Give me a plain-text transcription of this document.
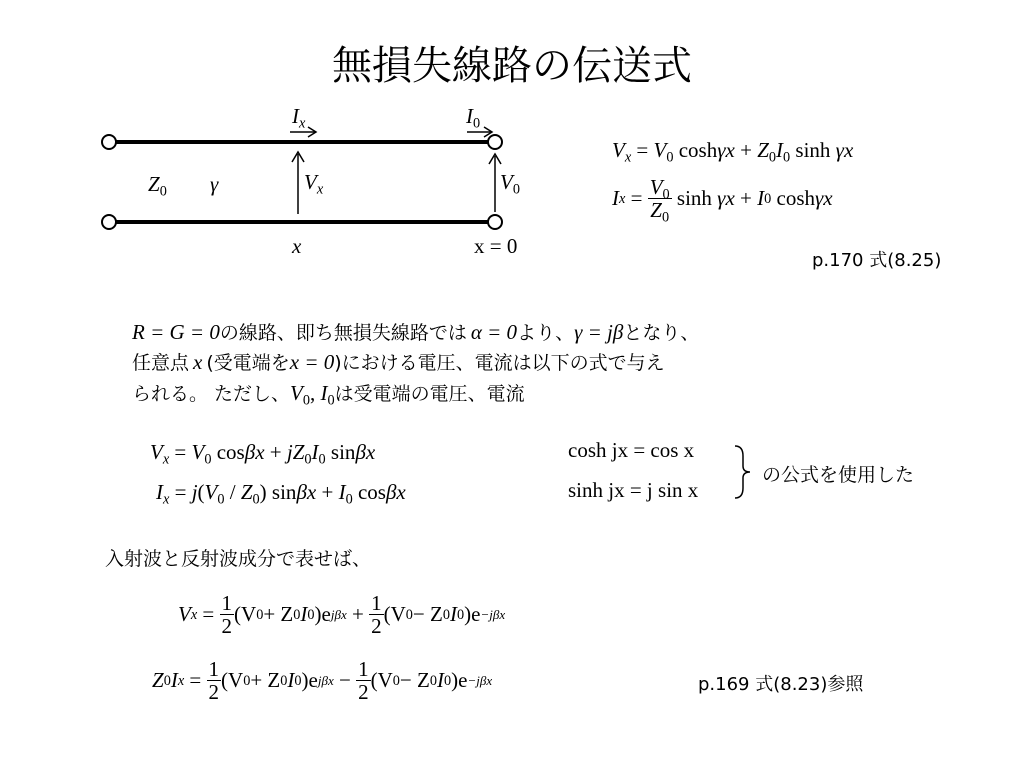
無損失線路の伝送式
$I_x$	$I_0$
$Z_0$ γ	$V_x$	$V_0$
x	x = 0
$V_x = V_0$ $\cosh\gamma x + Z_0I_0$ sinh γx
I $x = \frac{V_0}{Z_0}$
sinh
γx
+
I 0
cosh γx
p.170 式(8.25)
R = G = 0の線路、即ち無損失線路では α = 0より、γ = jβとなり、
任意点 x (受電端をx = 0)における電圧、電流は以下の式で与え
られる。 ただし、$V_0$, $I_0$は受電端の電圧、電流
$V_x = V_0$ $\cos\beta x + jZ_0I_0$ sinβx
$I_x = j(V_0 / Z_0) \sin\beta x + I_0$ cosβx
cosh jx = cos x
sinh jx = j sin x
の公式を使用した
入射波と反射波成分で表せば、
V $x = \frac{1}{2} (V$ 0 + Z 0 I 0 )e jβx
+
$\frac{1}{2} (V$ 0 − Z 0 I 0 )e −jβx
Z 0 I $x = \frac{1}{2} (V$ 0 + Z 0 I 0 )e jβx
−
$\frac{1}{2} (V$ 0 − Z 0 I 0 )e −jβx	p.169 式(8.23)参照
